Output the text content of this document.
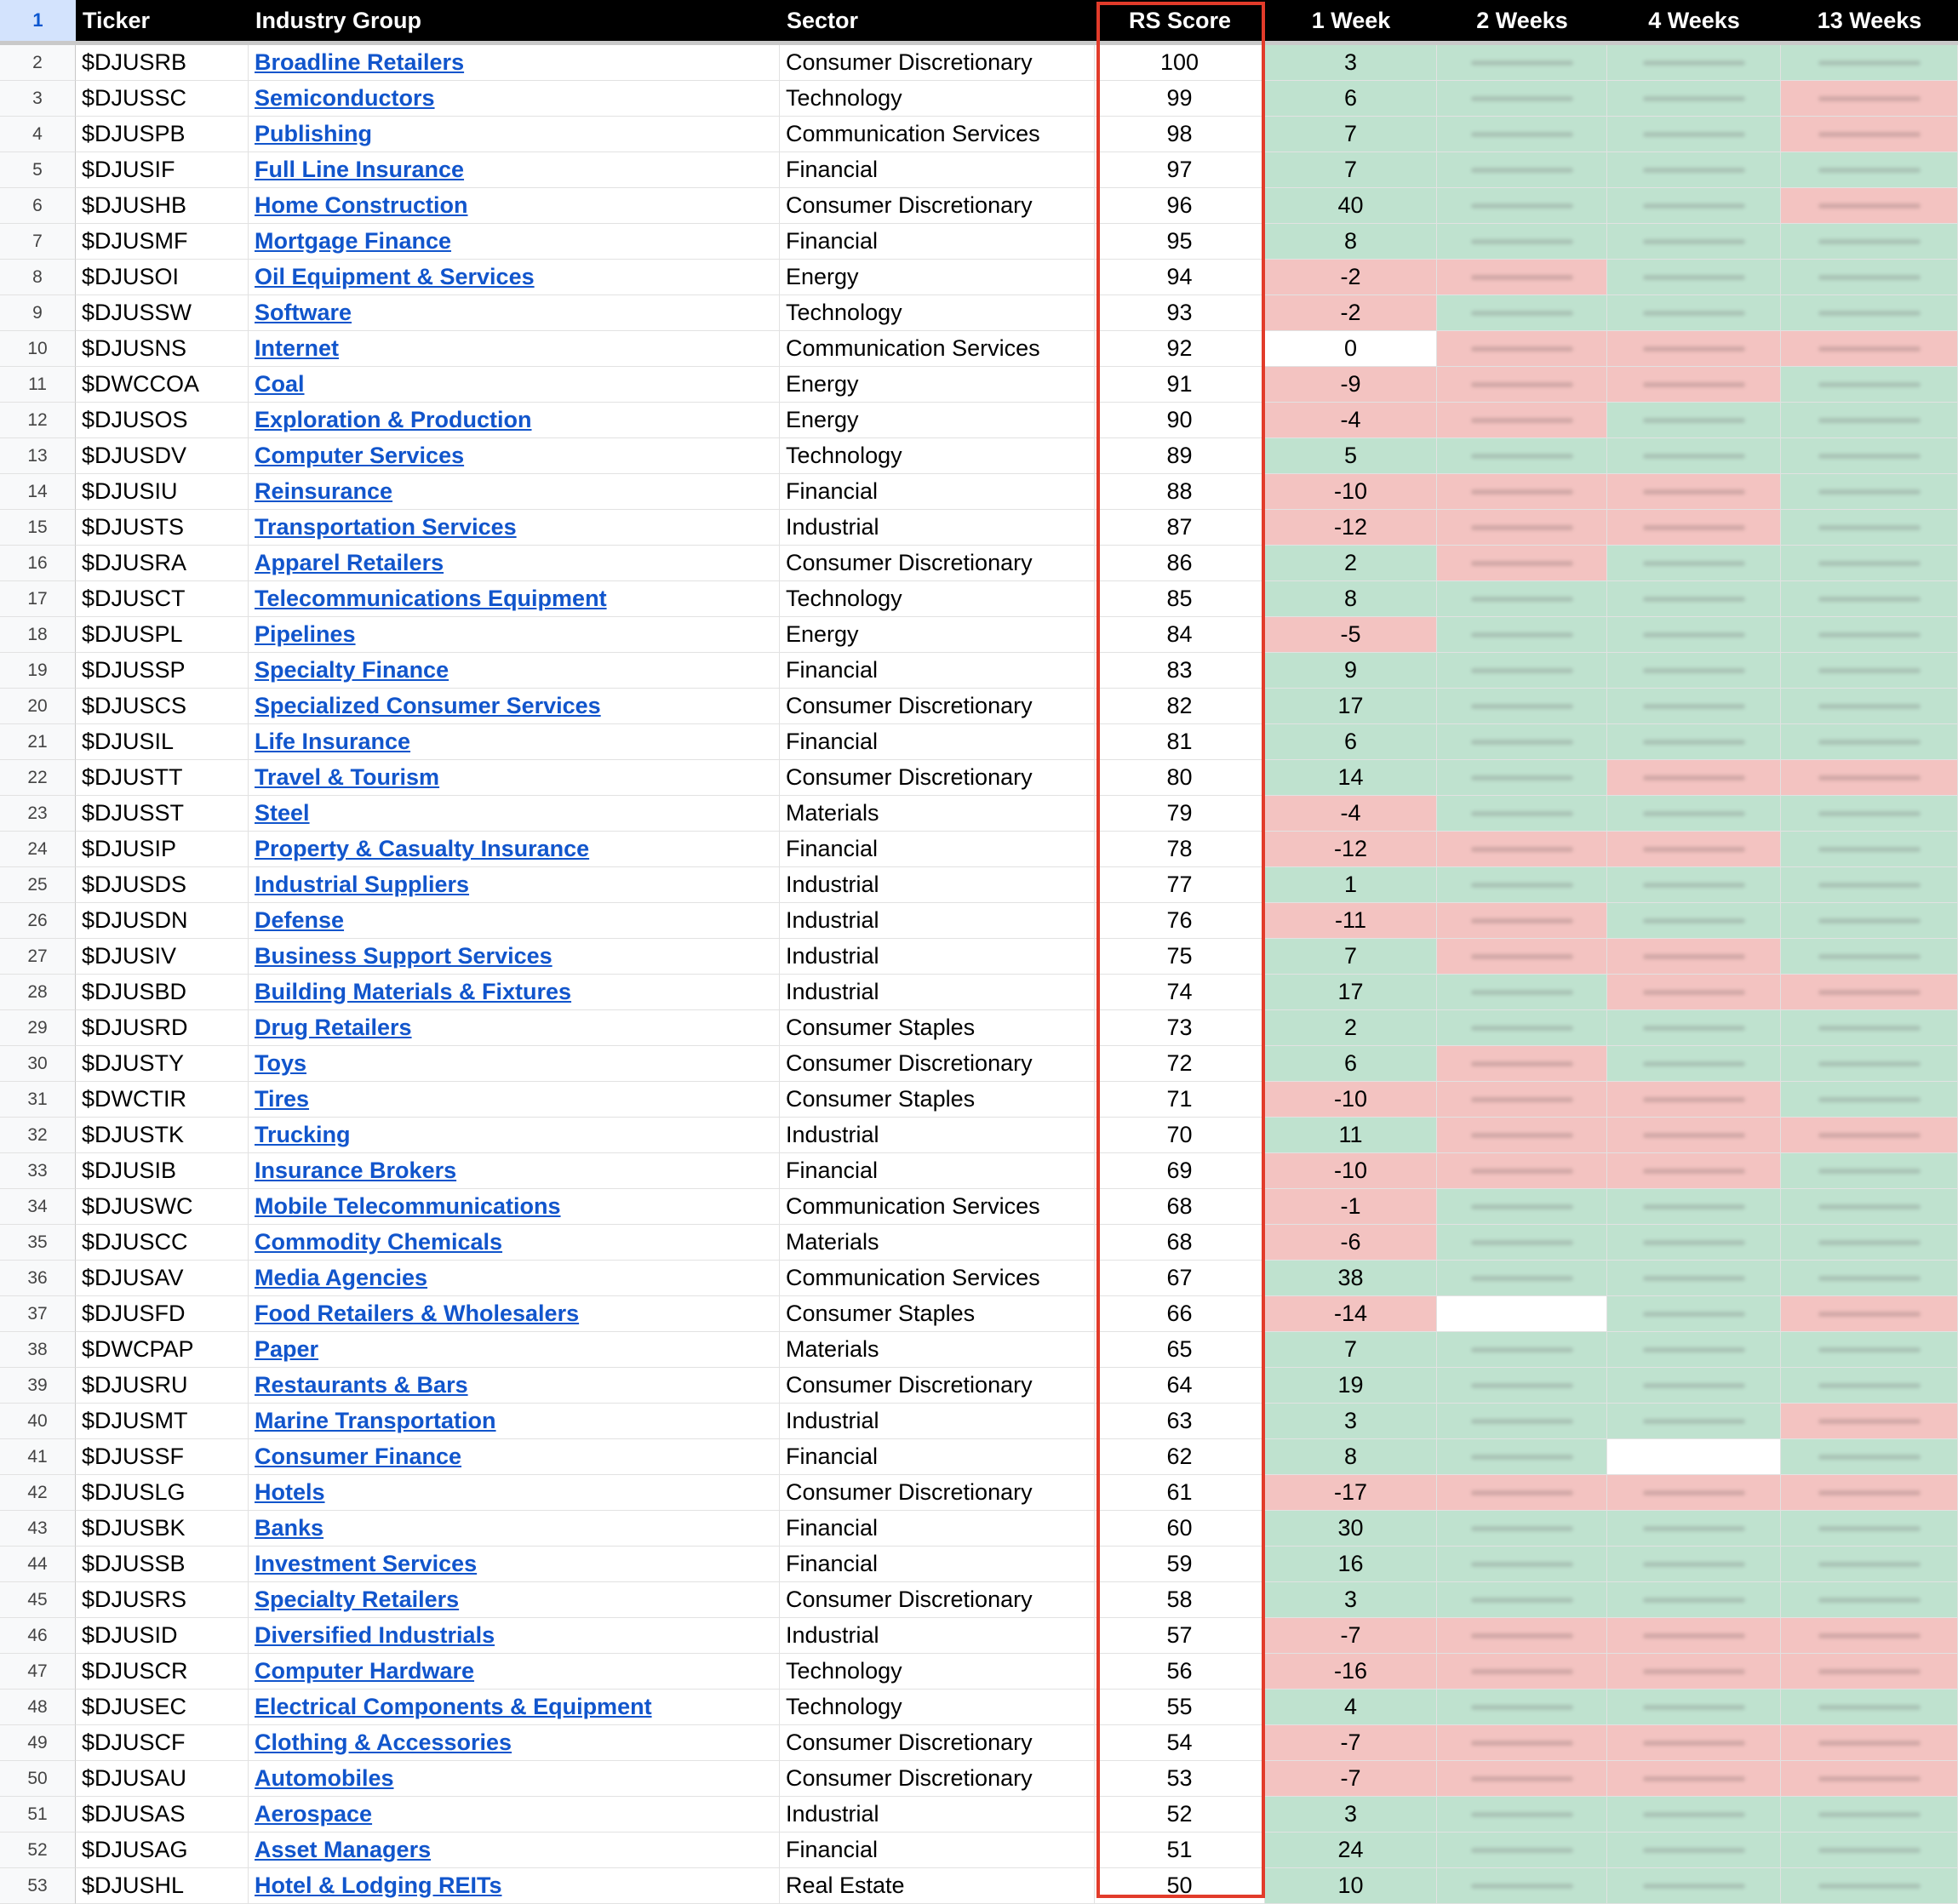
1	Ticker	Industry Group	Sector	RS Score	1 Week	2 Weeks	4 Weeks	13 Weeks
2	$DJUSRB	Broadline Retailers	Consumer Discretionary	100	3
3	$DJUSSC	Semiconductors	Technology	99	6
4	$DJUSPB	Publishing	Communication Services	98	7
5	$DJUSIF	Full Line Insurance	Financial	97	7
6	$DJUSHB	Home Construction	Consumer Discretionary	96	40
7	$DJUSMF	Mortgage Finance	Financial	95	8
8	$DJUSOI	Oil Equipment & Services	Energy	94	-2
9	$DJUSSW	Software	Technology	93	-2
10	$DJUSNS	Internet	Communication Services	92	0
11	$DWCCOA	Coal	Energy	91	-9
12	$DJUSOS	Exploration & Production	Energy	90	-4
13	$DJUSDV	Computer Services	Technology	89	5
14	$DJUSIU	Reinsurance	Financial	88	-10
15	$DJUSTS	Transportation Services	Industrial	87	-12
16	$DJUSRA	Apparel Retailers	Consumer Discretionary	86	2
17	$DJUSCT	Telecommunications Equipment	Technology	85	8
18	$DJUSPL	Pipelines	Energy	84	-5
19	$DJUSSP	Specialty Finance	Financial	83	9
20	$DJUSCS	Specialized Consumer Services	Consumer Discretionary	82	17
21	$DJUSIL	Life Insurance	Financial	81	6
22	$DJUSTT	Travel & Tourism	Consumer Discretionary	80	14
23	$DJUSST	Steel	Materials	79	-4
24	$DJUSIP	Property & Casualty Insurance	Financial	78	-12
25	$DJUSDS	Industrial Suppliers	Industrial	77	1
26	$DJUSDN	Defense	Industrial	76	-11
27	$DJUSIV	Business Support Services	Industrial	75	7
28	$DJUSBD	Building Materials & Fixtures	Industrial	74	17
29	$DJUSRD	Drug Retailers	Consumer Staples	73	2
30	$DJUSTY	Toys	Consumer Discretionary	72	6
31	$DWCTIR	Tires	Consumer Staples	71	-10
32	$DJUSTK	Trucking	Industrial	70	11
33	$DJUSIB	Insurance Brokers	Financial	69	-10
34	$DJUSWC	Mobile Telecommunications	Communication Services	68	-1
35	$DJUSCC	Commodity Chemicals	Materials	68	-6
36	$DJUSAV	Media Agencies	Communication Services	67	38
37	$DJUSFD	Food Retailers & Wholesalers	Consumer Staples	66	-14
38	$DWCPAP	Paper	Materials	65	7
39	$DJUSRU	Restaurants & Bars	Consumer Discretionary	64	19
40	$DJUSMT	Marine Transportation	Industrial	63	3
41	$DJUSSF	Consumer Finance	Financial	62	8
42	$DJUSLG	Hotels	Consumer Discretionary	61	-17
43	$DJUSBK	Banks	Financial	60	30
44	$DJUSSB	Investment Services	Financial	59	16
45	$DJUSRS	Specialty Retailers	Consumer Discretionary	58	3
46	$DJUSID	Diversified Industrials	Industrial	57	-7
47	$DJUSCR	Computer Hardware	Technology	56	-16
48	$DJUSEC	Electrical Components & Equipment	Technology	55	4
49	$DJUSCF	Clothing & Accessories	Consumer Discretionary	54	-7
50	$DJUSAU	Automobiles	Consumer Discretionary	53	-7
51	$DJUSAS	Aerospace	Industrial	52	3
52	$DJUSAG	Asset Managers	Financial	51	24
53	$DJUSHL	Hotel & Lodging REITs	Real Estate	50	10
